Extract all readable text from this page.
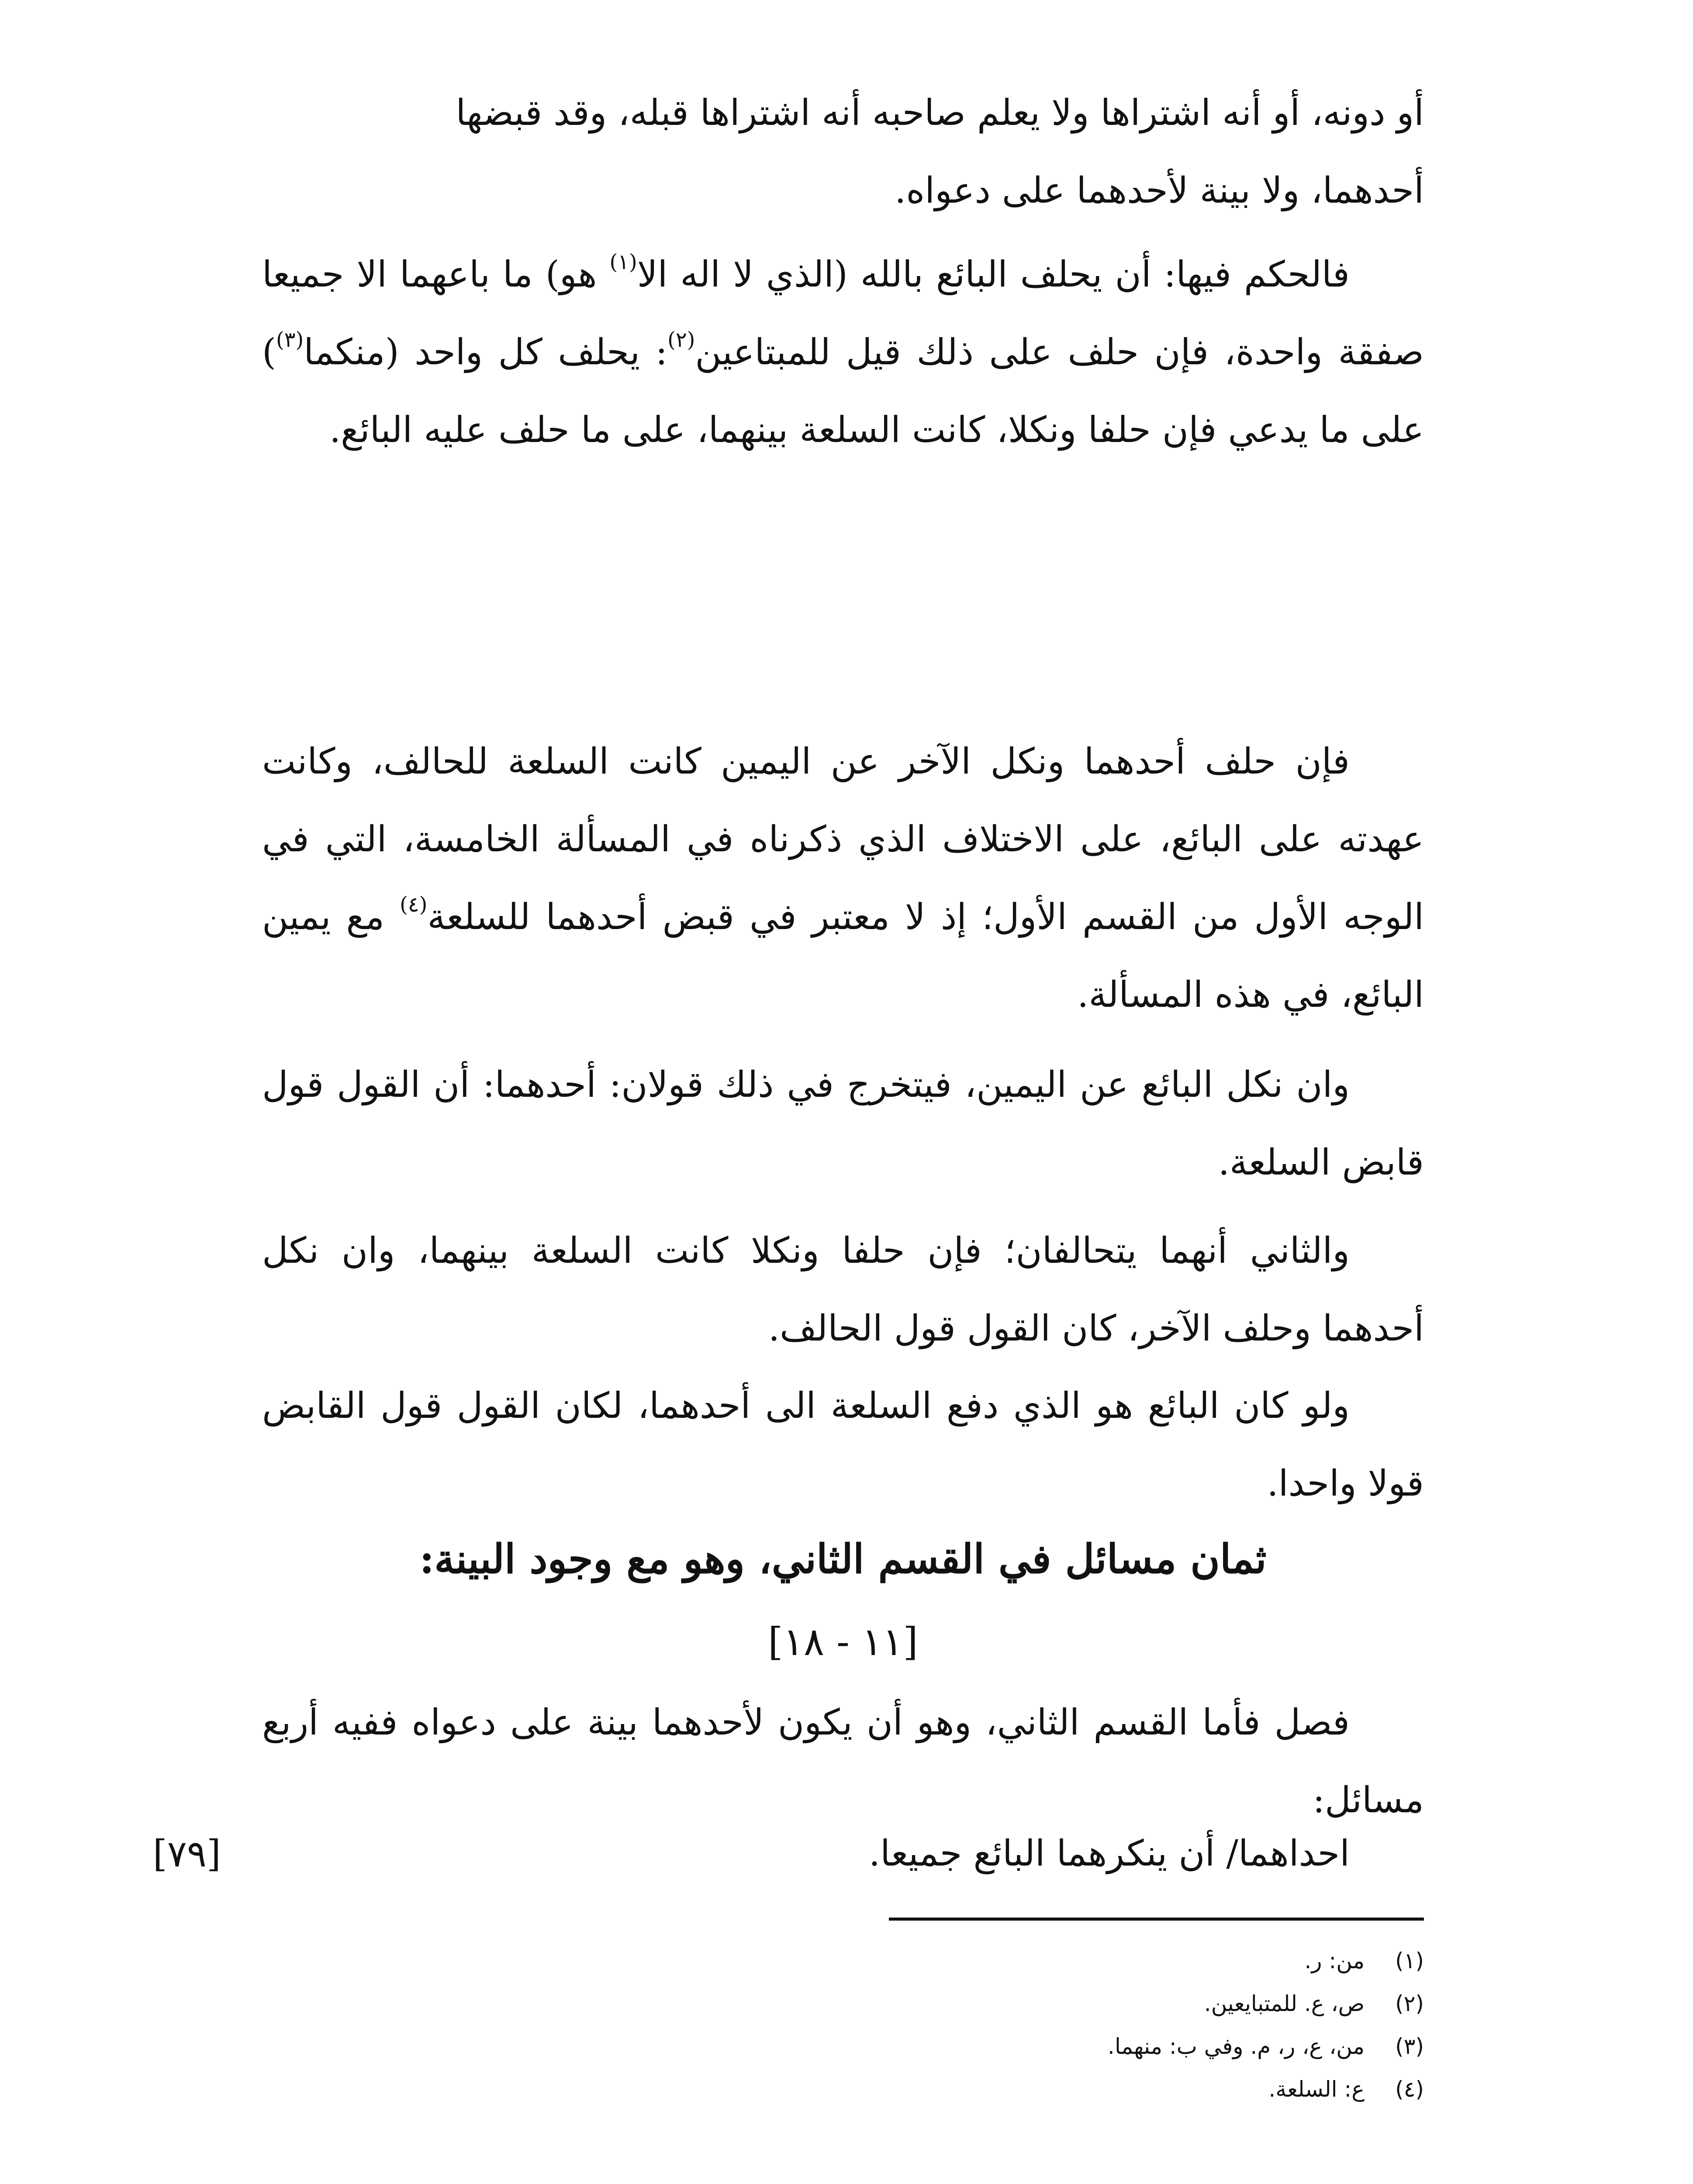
أو دونه، أو أنه اشتراها ولا يعلم صاحبه أنه اشتراها قبله، وقد قبضها
أحدهما، ولا بينة لأحدهما على دعواه.
فالحكم فيها: أن يحلف البائع بالله (الذي لا اله الا$^{(١)}$ هو) ما باعهما الا جميعا صفقة واحدة، فإن حلف على ذلك قيل للمبتاعين$^{(٢)}$: يحلف كل واحد (منكما$^{(٣)}$) على ما يدعي فإن حلفا ونكلا، كانت السلعة بينهما، على ما حلف عليه البائع.
فإن حلف أحدهما ونكل الآخر عن اليمين كانت السلعة للحالف، وكانت عهدته على البائع، على الاختلاف الذي ذكرناه في المسألة الخامسة، التي في الوجه الأول من القسم الأول؛ إذ لا معتبر في قبض أحدهما للسلعة$^{(٤)}$ مع يمين البائع، في هذه المسألة.
وان نكل البائع عن اليمين، فيتخرج في ذلك قولان: أحدهما: أن القول قول قابض السلعة.
والثاني أنهما يتحالفان؛ فإن حلفا ونكلا كانت السلعة بينهما، وان نكل أحدهما وحلف الآخر، كان القول قول الحالف.
ولو كان البائع هو الذي دفع السلعة الى أحدهما، لكان القول قول القابض قولا واحدا.
ثمان مسائل في القسم الثاني، وهو مع وجود البينة:
[١١ - ١٨]
فصل فأما القسم الثاني، وهو أن يكون لأحدهما بينة على دعواه ففيه أربع مسائل:
احداهما/ أن ينكرهما البائع جميعا.
[٧٩]
(١) من: ر.
(٢) ص، ع. للمتبايعين.
(٣) من، ع، ر، م. وفي ب: منهما.
(٤) ع: السلعة.
